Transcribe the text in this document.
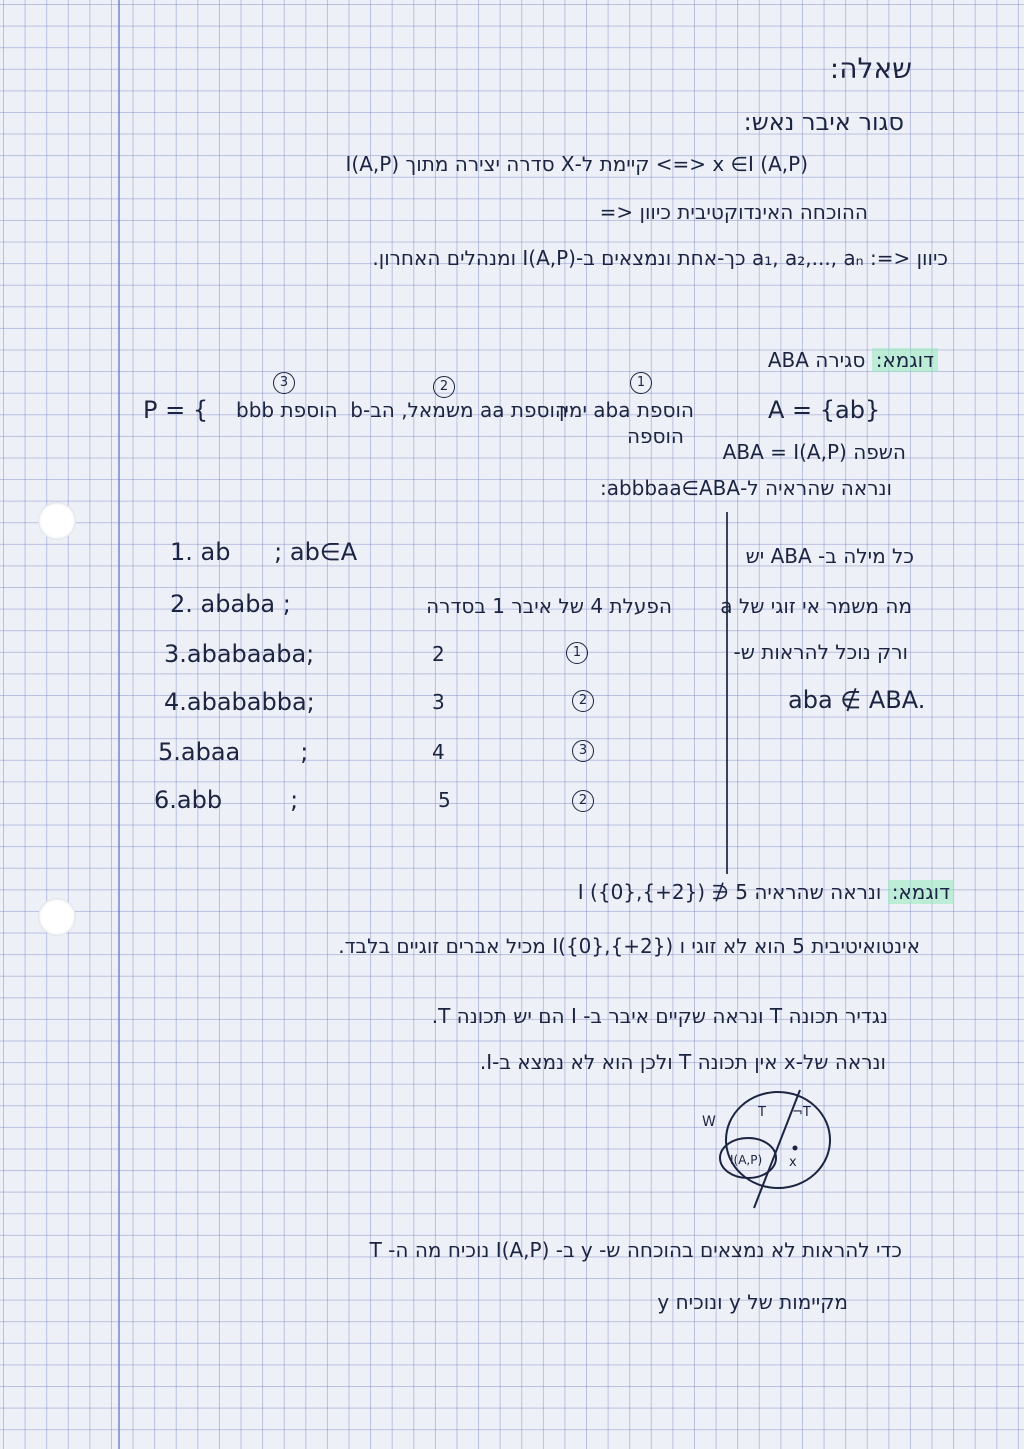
שאלה:
סגור איבר נאש:
x ∈I (A,P) <=> קיימת ל-X סדרה יצירה מתוך I(A,P)
ההוכחה האינדוקטיבית כיוון <=
כיוון <=: a₁, a₂,..., aₙ כך-אחת ונמצאים ב-I(A,P) ומנהלים האחרון.
דוגמא: סגירה ABA
3	2	1
P = { bbb הוספת הוספת aa משמאל, הב-b
הוספת aba ימין	A = {ab}
הוספה
השפה ABA = I(A,P)
ונראה שהראיה ל-abbbaa∈ABA:
1. ab ; ab∈A
2. ababa ;	הפעלת 4 של איבר 1 בסדרה
3.ababaaba;	2	1
4.abababba;	3	2
5.abaa	;	4	3
6.abb	;	5	2
כל מילה ב- ABA יש
מה משמר אי זוגי של a
ורק נוכל להראות ש-
aba ∉ ABA.
דוגמא: ונראה שהראיה 5 ∉ I ({0},{+2})
אינטואיטיבית 5 הוא לא זוגי ו I({0},{+2}) מכיל אברים זוגיים בלבד.
נגדיר תכונה T ונראה שקיים איבר ב- I הם יש תכונה T.
ונראה של-x אין תכונה T ולכן הוא לא נמצא ב-I.
W
T ¬T
I(A,P) x
כדי להראות לא נמצאים בהוכחה ש- y ב- I(A,P) נוכיח מה ה- T
מקיימות של y ונוכיח y
